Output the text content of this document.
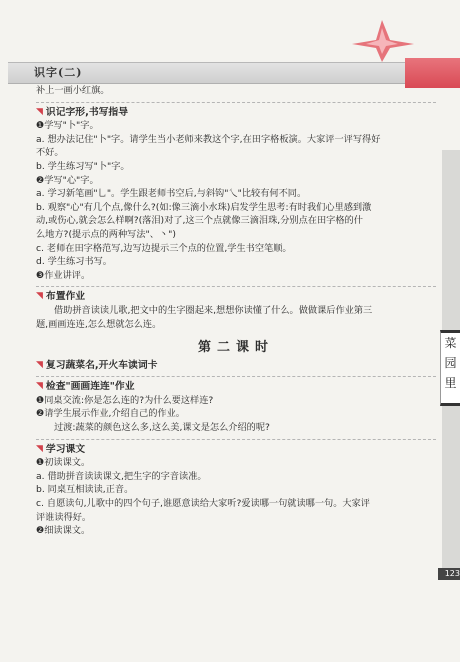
识字(二)
菜
园
里
123

补上一画小红旗。

◥ 识记字形,书写指导

❶学写"卜"字。

a. 想办法记住"卜"字。请学生当小老师来教这个字,在田字格板演。大家评一评写得好

不好。

b. 学生练习写"卜"字。

❷学写"心"字。

a. 学习新笔画"乚"。学生跟老师书空后,与斜钩"乀"比较有何不同。

b. 观察"心"有几个点,像什么?(如:像三滴小水珠)启发学生思考:有时我们心里感到激

动,或伤心,就会怎么样啊?(落泪)对了,这三个点就像三滴泪珠,分别点在田字格的什

么地方?(提示点的两种写法"、丶")

c. 老师在田字格范写,边写边提示三个点的位置,学生书空笔顺。

d. 学生练习书写。

❸作业讲评。

◥ 布置作业

借助拼音读读儿歌,把文中的生字圈起来,想想你读懂了什么。做做课后作业第三

题,画画连连,怎么想就怎么连。

第二课时

◥ 复习蔬菜名,开火车读词卡

◥ 检查"画画连连"作业

❶同桌交流:你是怎么连的?为什么要这样连?

❷请学生展示作业,介绍自己的作业。

过渡:蔬菜的颜色这么多,这么美,课文是怎么介绍的呢?

◥ 学习课文

❶初读课文。

a. 借助拼音读读课文,把生字的字音读准。

b. 同桌互相读读,正音。

c. 自愿读句,儿歌中的四个句子,谁愿意读给大家听?爱读哪一句就读哪一句。大家评

评谁读得好。

❷细读课文。
